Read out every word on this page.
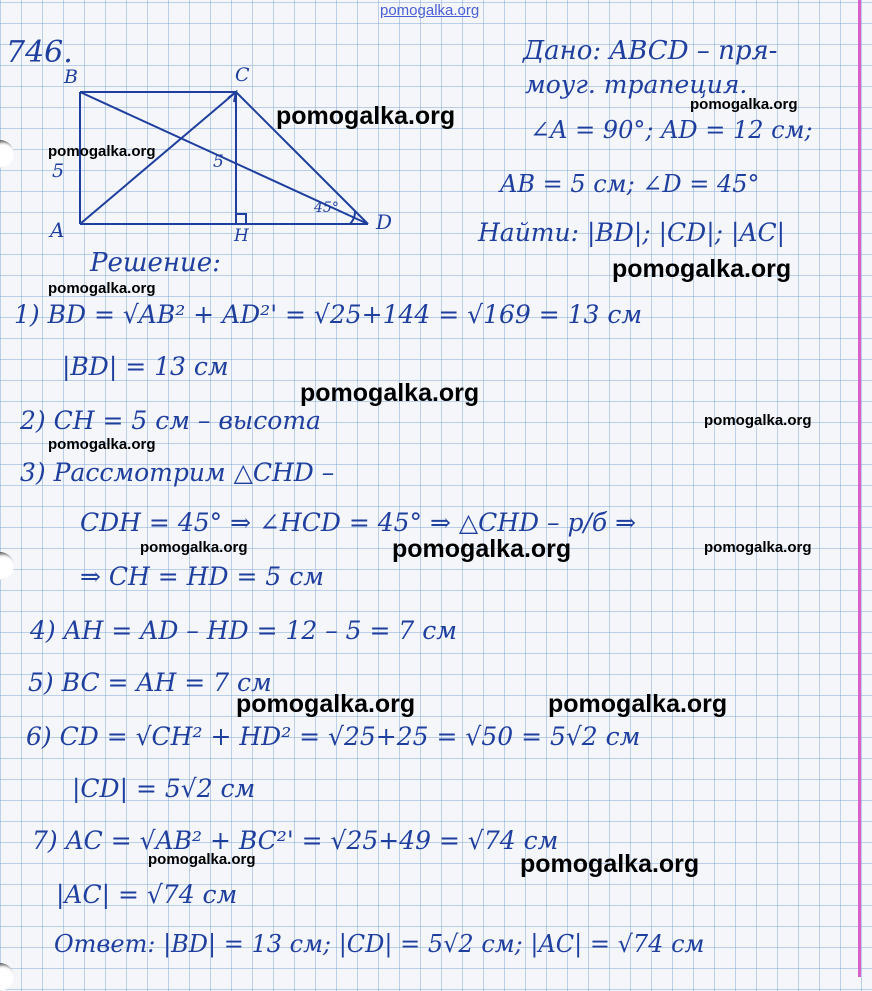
pomogalka.org
746.
B	C
A	D
H
5	5
45°
Дано: ABCD – пря-
моуг. трапеция.
∠A = 90°; AD = 12 см;
AB = 5 см; ∠D = 45°
Найти: |BD|; |CD|; |AC|
Решение:
1) BD = √AB² + AD²' = √25+144 = √169 = 13 см
|BD| = 13 см
2) CH = 5 см – высота
3) Рассмотрим △CHD –
CDH = 45° ⇒ ∠HCD = 45° ⇒ △CHD – р/б ⇒
⇒ CH = HD = 5 см
4) AH = AD – HD = 12 – 5 = 7 см
5) BC = AH = 7 см
6) CD = √CH² + HD² = √25+25 = √50 = 5√2 см
|CD| = 5√2 см
7) AC = √AB² + BC²' = √25+49 = √74 см
|AC| = √74 см
Ответ: |BD| = 13 см; |CD| = 5√2 см; |AC| = √74 см
pomogalka.org	pomogalka.org
pomogalka.org
pomogalka.org
pomogalka.org
pomogalka.org
pomogalka.org
pomogalka.org
pomogalka.org	pomogalka.org	pomogalka.org
pomogalka.org	pomogalka.org
pomogalka.org	pomogalka.org
